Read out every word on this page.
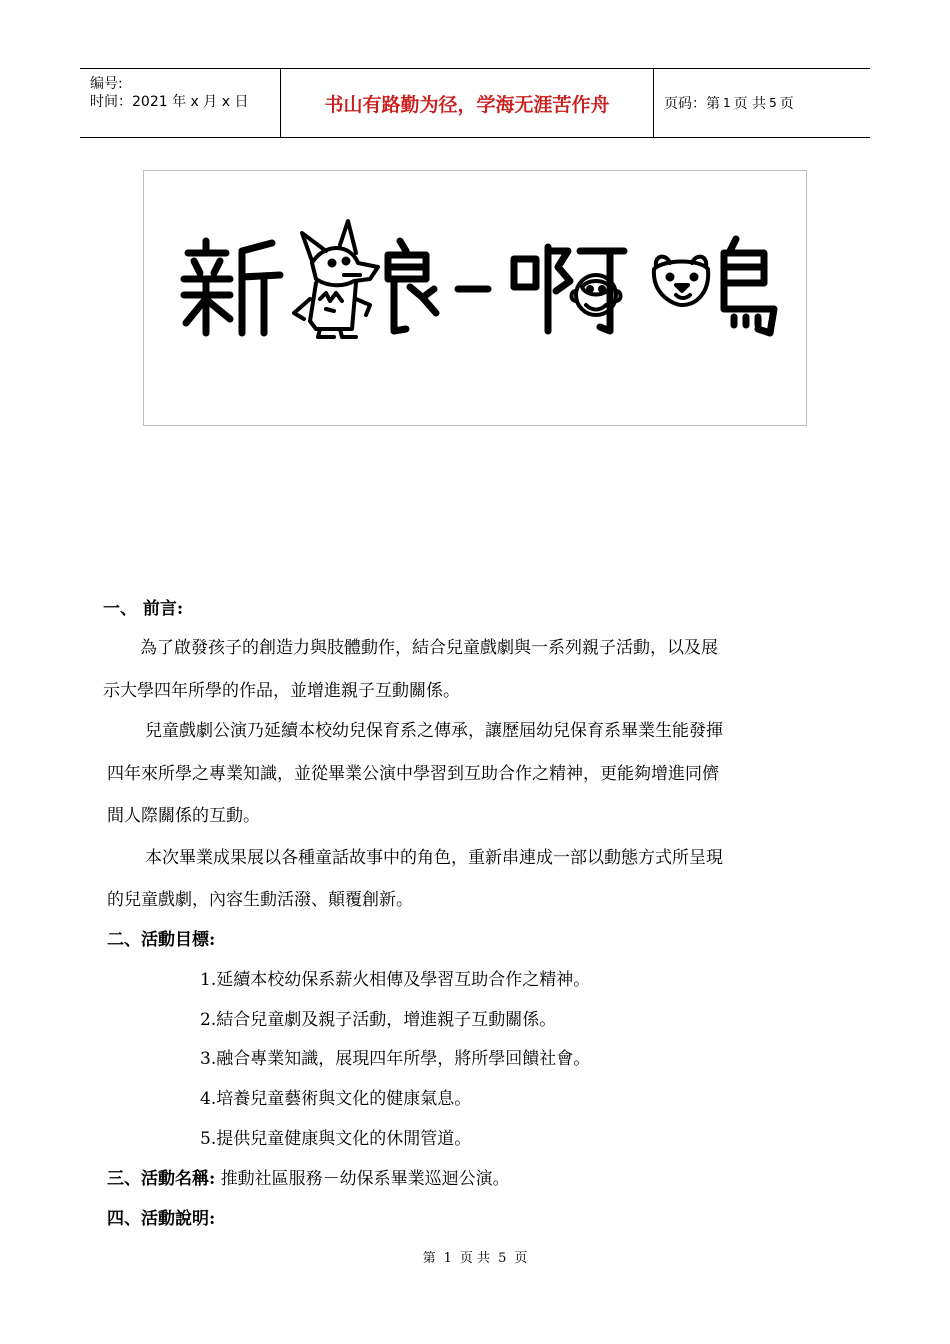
编号:
时间：2021 年 x 月 x 日	书山有路勤为径，学海无涯苦作舟	页码：第 1 页 共 5 页
一、 前言:
為了啟發孩子的創造力與肢體動作，結合兒童戲劇與一系列親子活動，以及展
示大學四年所學的作品，並增進親子互動關係。
兒童戲劇公演乃延續本校幼兒保育系之傳承，讓歷屆幼兒保育系畢業生能發揮
四年來所學之專業知識，並從畢業公演中學習到互助合作之精神，更能夠增進同儕
間人際關係的互動。
本次畢業成果展以各種童話故事中的角色，重新串連成一部以動態方式所呈現
的兒童戲劇，內容生動活潑、顛覆創新。
二、活動目標:
1.延續本校幼保系薪火相傳及學習互助合作之精神。
2.結合兒童劇及親子活動，增進親子互動關係。
3.融合專業知識，展現四年所學，將所學回饋社會。
4.培養兒童藝術與文化的健康氣息。
5.提供兒童健康與文化的休閒管道。
三、活動名稱: 推動社區服務－幼保系畢業巡迴公演。
四、活動說明:
第 1 页 共 5 页
